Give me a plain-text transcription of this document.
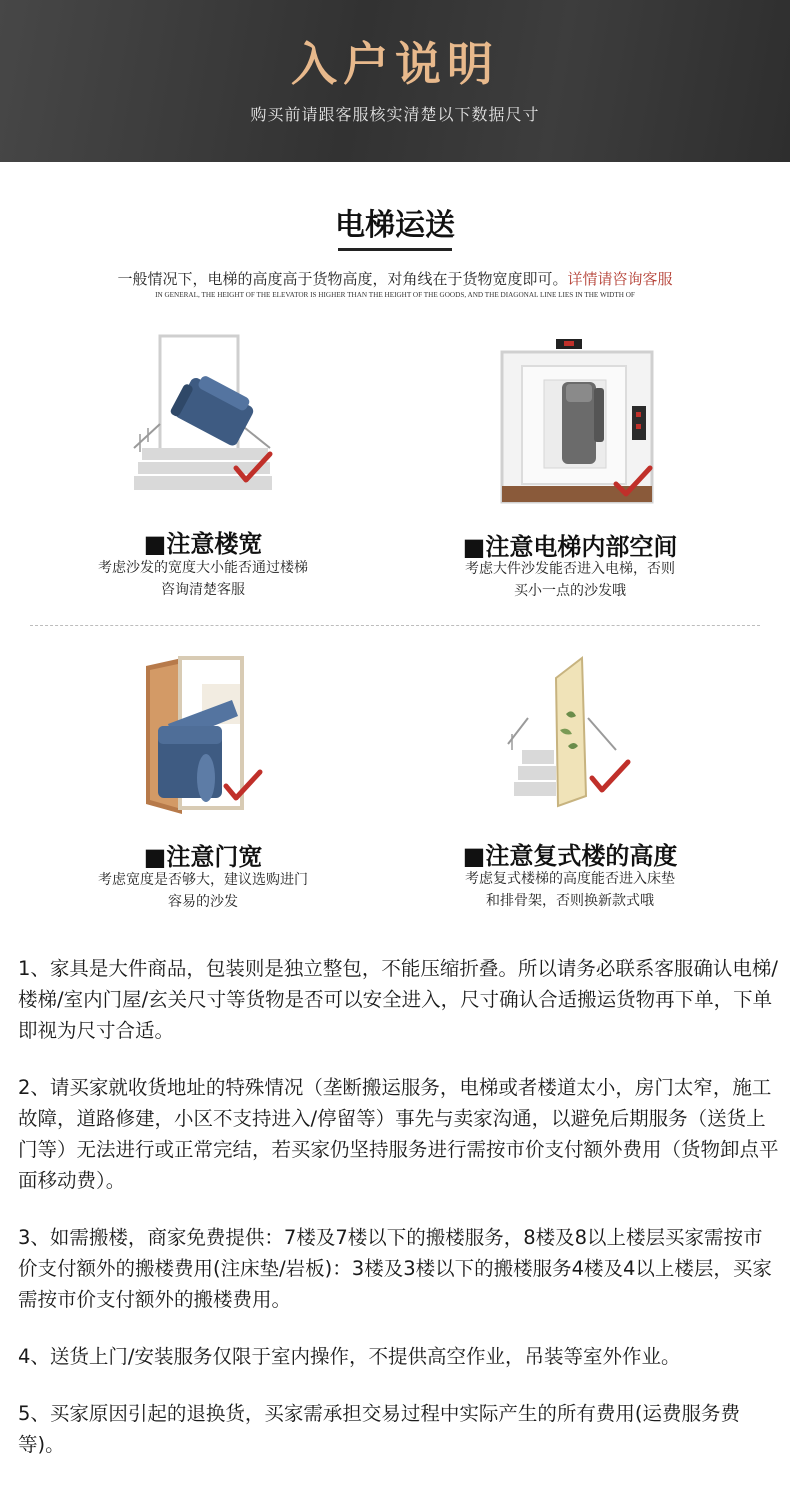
入户说明
购买前请跟客服核实清楚以下数据尺寸
电梯运送
一般情况下，电梯的高度高于货物高度，对角线在于货物宽度即可。详情请咨询客服
IN GENERAL, THE HEIGHT OF THE ELEVATOR IS HIGHER THAN THE HEIGHT OF THE GOODS, AND THE DIAGONAL LINE LIES IN THE WIDTH OF
■注意楼宽
考虑沙发的宽度大小能否通过楼梯
咨询清楚客服
■注意电梯内部空间
考虑大件沙发能否进入电梯，否则
买小一点的沙发哦
■注意门宽
考虑宽度是否够大，建议选购进门
容易的沙发
■注意复式楼的高度
考虑复式楼梯的高度能否进入床垫
和排骨架，否则换新款式哦

1、家具是大件商品，包装则是独立整包，不能压缩折叠。所以请务必联系客服确认电梯/楼梯/室内门屋/玄关尺寸等货物是否可以安全进入，尺寸确认合适搬运货物再下单，下单即视为尺寸合适。

2、请买家就收货地址的特殊情况（垄断搬运服务，电梯或者楼道太小，房门太窄，施工故障，道路修建，小区不支持进入/停留等）事先与卖家沟通，以避免后期服务（送货上门等）无法进行或正常完结，若买家仍坚持服务进行需按市价支付额外费用（货物卸点平面移动费）。

3、如需搬楼，商家免费提供：7楼及7楼以下的搬楼服务，8楼及8以上楼层买家需按市价支付额外的搬楼费用(注床垫/岩板)：3楼及3楼以下的搬楼服务4楼及4以上楼层，买家需按市价支付额外的搬楼费用。

4、送货上门/安装服务仅限于室内操作，不提供高空作业，吊装等室外作业。

5、买家原因引起的退换货，买家需承担交易过程中实际产生的所有费用(运费服务费等)。
